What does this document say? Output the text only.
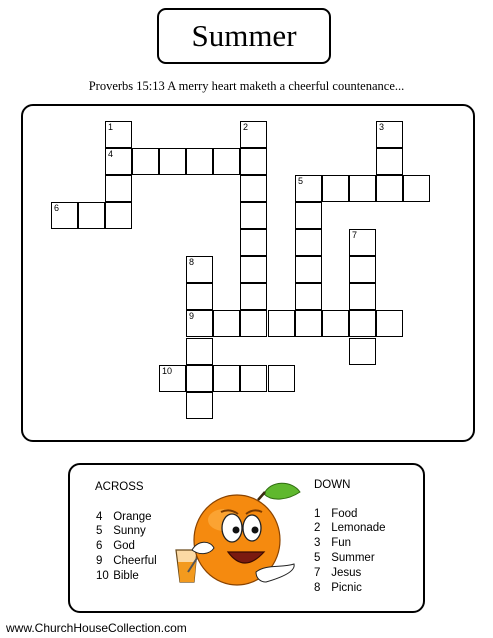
Summer
Proverbs 15:13 A merry heart maketh a cheerful countenance...
1
4
2	3
5
6
7
8
9
10
ACROSS	DOWN
4 Orange
5 Sunny
6 God
9 Cheerful
10 Bible
1 Food
2 Lemonade
3 Fun
5 Summer
7 Jesus
8 Picnic
www.ChurchHouseCollection.com
